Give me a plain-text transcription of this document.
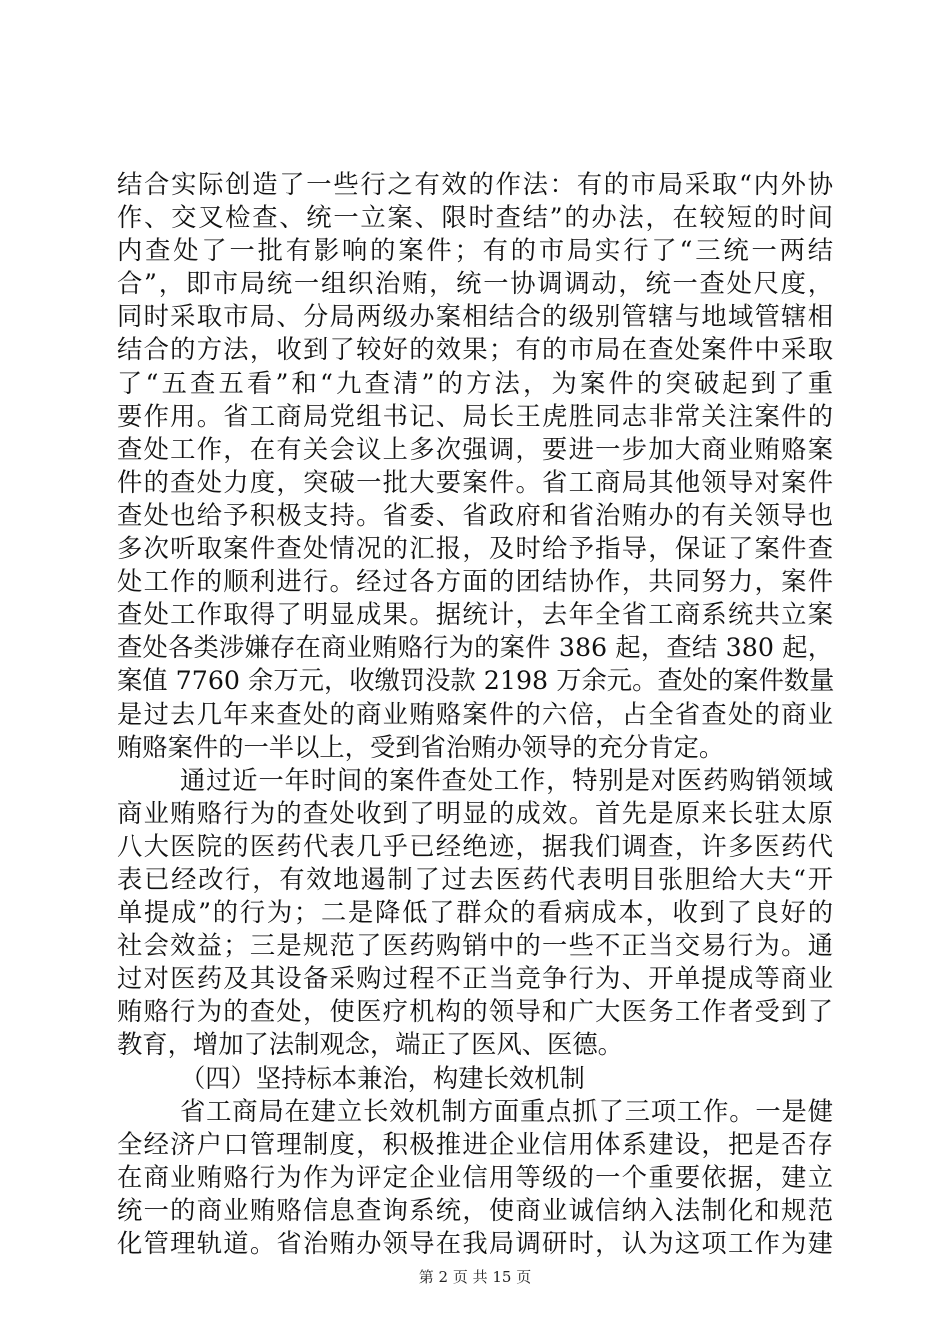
结合实际创造了一些行之有效的作法：有的市局采取“内外协
作、交叉检查、统一立案、限时查结”的办法，在较短的时间
内查处了一批有影响的案件；有的市局实行了“三统一两结
合”，即市局统一组织治贿，统一协调调动，统一查处尺度，
同时采取市局、分局两级办案相结合的级别管辖与地域管辖相
结合的方法，收到了较好的效果；有的市局在查处案件中采取
了“五查五看”和“九查清”的方法，为案件的突破起到了重
要作用。省工商局党组书记、局长王虎胜同志非常关注案件的
查处工作，在有关会议上多次强调，要进一步加大商业贿赂案
件的查处力度，突破一批大要案件。省工商局其他领导对案件
查处也给予积极支持。省委、省政府和省治贿办的有关领导也
多次听取案件查处情况的汇报，及时给予指导，保证了案件查
处工作的顺利进行。经过各方面的团结协作，共同努力，案件
查处工作取得了明显成果。据统计，去年全省工商系统共立案
查处各类涉嫌存在商业贿赂行为的案件 386 起，查结 380 起，
案值 7760 余万元，收缴罚没款 2198 万余元。查处的案件数量
是过去几年来查处的商业贿赂案件的六倍，占全省查处的商业
贿赂案件的一半以上，受到省治贿办领导的充分肯定。
通过近一年时间的案件查处工作，特别是对医药购销领域
商业贿赂行为的查处收到了明显的成效。首先是原来长驻太原
八大医院的医药代表几乎已经绝迹，据我们调查，许多医药代
表已经改行，有效地遏制了过去医药代表明目张胆给大夫“开
单提成”的行为；二是降低了群众的看病成本，收到了良好的
社会效益；三是规范了医药购销中的一些不正当交易行为。通
过对医药及其设备采购过程不正当竞争行为、开单提成等商业
贿赂行为的查处，使医疗机构的领导和广大医务工作者受到了
教育，增加了法制观念，端正了医风、医德。
（四）坚持标本兼治，构建长效机制
省工商局在建立长效机制方面重点抓了三项工作。一是健
全经济户口管理制度，积极推进企业信用体系建设，把是否存
在商业贿赂行为作为评定企业信用等级的一个重要依据，建立
统一的商业贿赂信息查询系统，使商业诚信纳入法制化和规范
化管理轨道。省治贿办领导在我局调研时，认为这项工作为建
第 2 页 共 15 页
